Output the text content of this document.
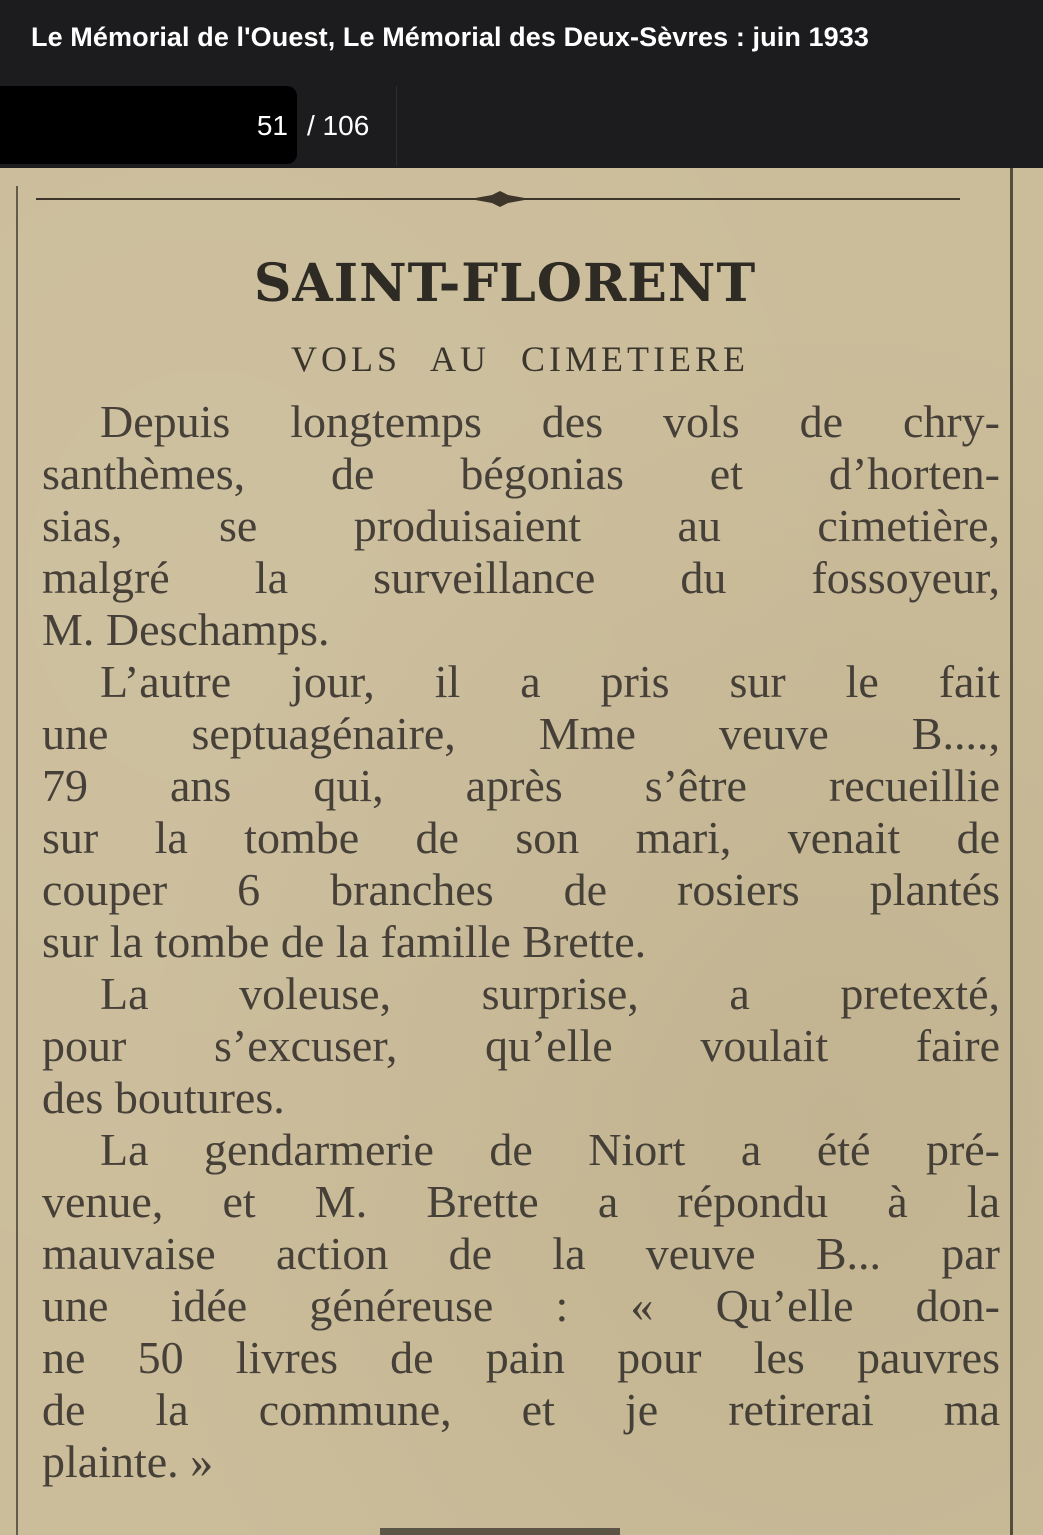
Le Mémorial de l'Ouest, Le Mémorial des Deux-Sèvres : juin 1933
51 / 106
SAINT-FLORENT
VOLS AU CIMETIERE
Depuis longtemps des vols de chry-
santhèmes, de bégonias et d’horten-
sias, se produisaient au cimetière,
malgré la surveillance du fossoyeur,
M. Deschamps.
L’autre jour, il a pris sur le fait
une septuagénaire, Mme veuve B....,
79 ans qui, après s’être recueillie
sur la tombe de son mari, venait de
couper 6 branches de rosiers plantés
sur la tombe de la famille Brette.
La voleuse, surprise, a pretexté,
pour s’excuser, qu’elle voulait faire
des boutures.
La gendarmerie de Niort a été pré-
venue, et M. Brette a répondu à la
mauvaise action de la veuve B... par
une idée généreuse : « Qu’elle don-
ne 50 livres de pain pour les pauvres
de la commune, et je retirerai ma
plainte. »
